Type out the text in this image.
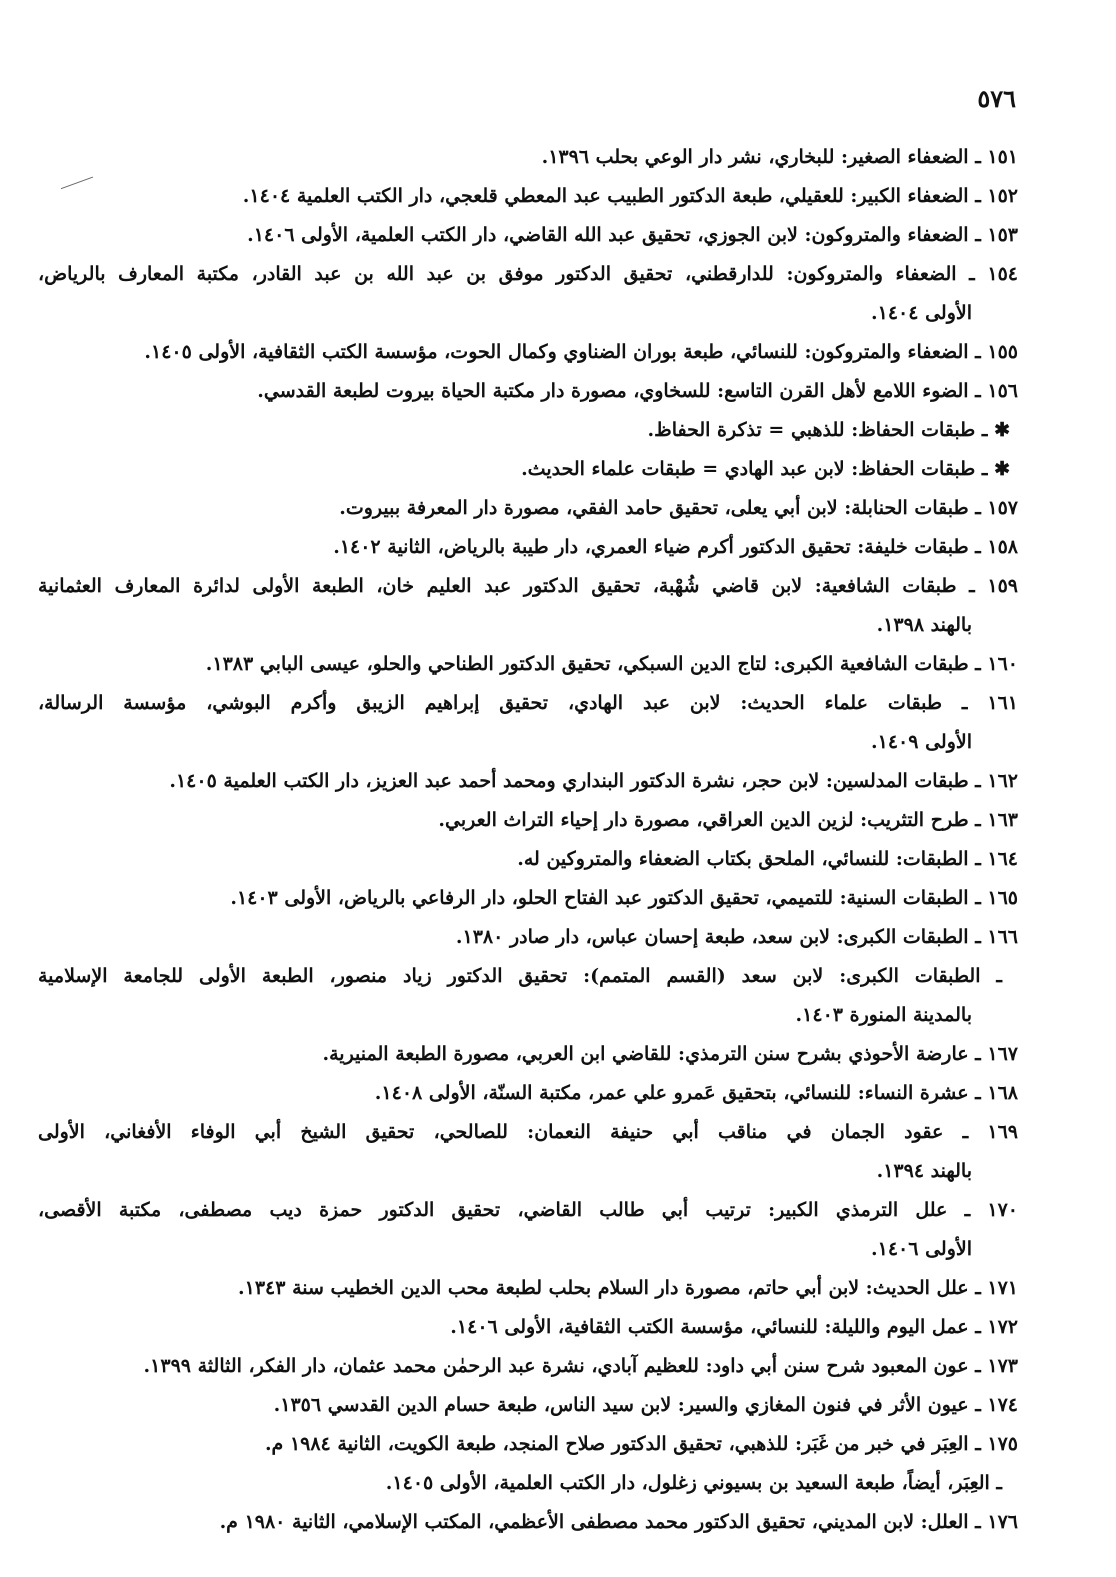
٥٧٦
١٥١ ـ الضعفاء الصغير: للبخاري، نشر دار الوعي بحلب ١٣٩٦.
١٥٢ ـ الضعفاء الكبير: للعقيلي، طبعة الدكتور الطبيب عبد المعطي قلعجي، دار الكتب العلمية ١٤٠٤.
١٥٣ ـ الضعفاء والمتروكون: لابن الجوزي، تحقيق عبد الله القاضي، دار الكتب العلمية، الأولى ١٤٠٦.
١٥٤ ـ الضعفاء والمتروكون: للدارقطني، تحقيق الدكتور موفق بن عبد الله بن عبد القادر، مكتبة المعارف بالرياض،
الأولى ١٤٠٤.
١٥٥ ـ الضعفاء والمتروكون: للنسائي، طبعة بوران الضناوي وكمال الحوت، مؤسسة الكتب الثقافية، الأولى ١٤٠٥.
١٥٦ ـ الضوء اللامع لأهل القرن التاسع: للسخاوي، مصورة دار مكتبة الحياة بيروت لطبعة القدسي.
✱ ـ طبقات الحفاظ: للذهبي = تذكرة الحفاظ.
✱ ـ طبقات الحفاظ: لابن عبد الهادي = طبقات علماء الحديث.
١٥٧ ـ طبقات الحنابلة: لابن أبي يعلى، تحقيق حامد الفقي، مصورة دار المعرفة ببيروت.
١٥٨ ـ طبقات خليفة: تحقيق الدكتور أكرم ضياء العمري، دار طيبة بالرياض، الثانية ١٤٠٢.
١٥٩ ـ طبقات الشافعية: لابن قاضي شُهْبة، تحقيق الدكتور عبد العليم خان، الطبعة الأولى لدائرة المعارف العثمانية
بالهند ١٣٩٨.
١٦٠ ـ طبقات الشافعية الكبرى: لتاج الدين السبكي، تحقيق الدكتور الطناحي والحلو، عيسى البابي ١٣٨٣.
١٦١ ـ طبقات علماء الحديث: لابن عبد الهادي، تحقيق إبراهيم الزيبق وأكرم البوشي، مؤسسة الرسالة،
الأولى ١٤٠٩.
١٦٢ ـ طبقات المدلسين: لابن حجر، نشرة الدكتور البنداري ومحمد أحمد عبد العزيز، دار الكتب العلمية ١٤٠٥.
١٦٣ ـ طرح التثريب: لزين الدين العراقي، مصورة دار إحياء التراث العربي.
١٦٤ ـ الطبقات: للنسائي، الملحق بكتاب الضعفاء والمتروكين له.
١٦٥ ـ الطبقات السنية: للتميمي، تحقيق الدكتور عبد الفتاح الحلو، دار الرفاعي بالرياض، الأولى ١٤٠٣.
١٦٦ ـ الطبقات الكبرى: لابن سعد، طبعة إحسان عباس، دار صادر ١٣٨٠.
ـ الطبقات الكبرى: لابن سعد (القسم المتمم): تحقيق الدكتور زياد منصور، الطبعة الأولى للجامعة الإسلامية
بالمدينة المنورة ١٤٠٣.
١٦٧ ـ عارضة الأحوذي بشرح سنن الترمذي: للقاضي ابن العربي، مصورة الطبعة المنيرية.
١٦٨ ـ عشرة النساء: للنسائي، بتحقيق عَمرو علي عمر، مكتبة السنّة، الأولى ١٤٠٨.
١٦٩ ـ عقود الجمان في مناقب أبي حنيفة النعمان: للصالحي، تحقيق الشيخ أبي الوفاء الأفغاني، الأولى
بالهند ١٣٩٤.
١٧٠ ـ علل الترمذي الكبير: ترتيب أبي طالب القاضي، تحقيق الدكتور حمزة ديب مصطفى، مكتبة الأقصى،
الأولى ١٤٠٦.
١٧١ ـ علل الحديث: لابن أبي حاتم، مصورة دار السلام بحلب لطبعة محب الدين الخطيب سنة ١٣٤٣.
١٧٢ ـ عمل اليوم والليلة: للنسائي، مؤسسة الكتب الثقافية، الأولى ١٤٠٦.
١٧٣ ـ عون المعبود شرح سنن أبي داود: للعظيم آبادي، نشرة عبد الرحمٰن محمد عثمان، دار الفكر، الثالثة ١٣٩٩.
١٧٤ ـ عيون الأثر في فنون المغازي والسير: لابن سيد الناس، طبعة حسام الدين القدسي ١٣٥٦.
١٧٥ ـ العِبَر في خبر من غَبَر: للذهبي، تحقيق الدكتور صلاح المنجد، طبعة الكويت، الثانية ١٩٨٤ م.
ـ العِبَر، أيضاً، طبعة السعيد بن بسيوني زغلول، دار الكتب العلمية، الأولى ١٤٠٥.
١٧٦ ـ العلل: لابن المديني، تحقيق الدكتور محمد مصطفى الأعظمي، المكتب الإسلامي، الثانية ١٩٨٠ م.
